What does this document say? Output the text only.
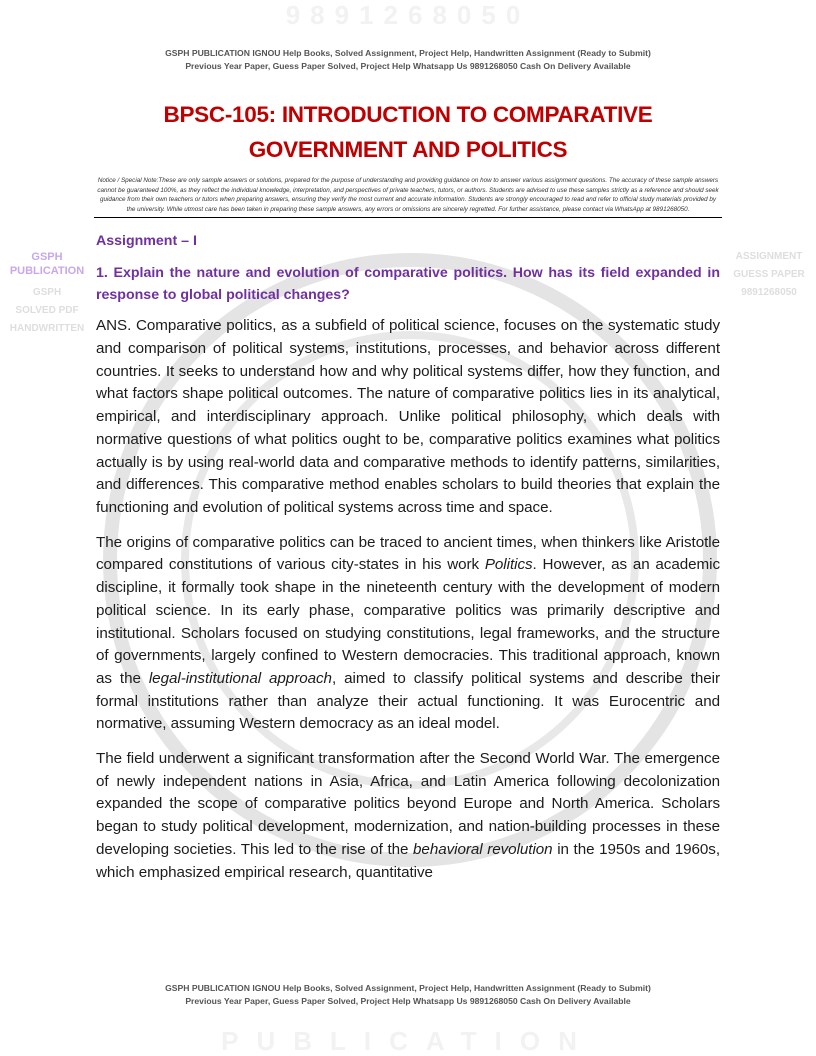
9891268050
GSPH PUBLICATION
GSPH
SOLVED PDF
HANDWRITTEN
ASSIGNMENT
GUESS PAPER
9891268050
GSPH PUBLICATION IGNOU Help Books, Solved Assignment, Project Help, Handwritten Assignment (Ready to Submit)
Previous Year Paper, Guess Paper Solved, Project Help Whatsapp Us 9891268050 Cash On Delivery Available
BPSC-105: INTRODUCTION TO COMPARATIVE
GOVERNMENT AND POLITICS
Notice / Special Note:These are only sample answers or solutions, prepared for the purpose of understanding and providing guidance on how to answer various assignment questions. The accuracy of these sample answers cannot be guaranteed 100%, as they reflect the individual knowledge, interpretation, and perspectives of private teachers, tutors, or authors. Students are advised to use these samples strictly as a reference and should seek guidance from their own teachers or tutors when preparing answers, ensuring they verify the most current and accurate information. Students are strongly encouraged to read and refer to official study materials provided by the university. While utmost care has been taken in preparing these sample answers, any errors or omissions are sincerely regretted. For further assistance, please contact via WhatsApp at 9891268050.
Assignment – I
1. Explain the nature and evolution of comparative politics. How has its field expanded in response to global political changes?
ANS. Comparative politics, as a subfield of political science, focuses on the systematic study and comparison of political systems, institutions, processes, and behavior across different countries. It seeks to understand how and why political systems differ, how they function, and what factors shape political outcomes. The nature of comparative politics lies in its analytical, empirical, and interdisciplinary approach. Unlike political philosophy, which deals with normative questions of what politics ought to be, comparative politics examines what politics actually is by using real-world data and comparative methods to identify patterns, similarities, and differences. This comparative method enables scholars to build theories that explain the functioning and evolution of political systems across time and space.
The origins of comparative politics can be traced to ancient times, when thinkers like Aristotle compared constitutions of various city-states in his work Politics. However, as an academic discipline, it formally took shape in the nineteenth century with the development of modern political science. In its early phase, comparative politics was primarily descriptive and institutional. Scholars focused on studying constitutions, legal frameworks, and the structure of governments, largely confined to Western democracies. This traditional approach, known as the legal-institutional approach, aimed to classify political systems and describe their formal institutions rather than analyze their actual functioning. It was Eurocentric and normative, assuming Western democracy as an ideal model.
The field underwent a significant transformation after the Second World War. The emergence of newly independent nations in Asia, Africa, and Latin America following decolonization expanded the scope of comparative politics beyond Europe and North America. Scholars began to study political development, modernization, and nation-building processes in these developing societies. This led to the rise of the behavioral revolution in the 1950s and 1960s, which emphasized empirical research, quantitative
GSPH PUBLICATION IGNOU Help Books, Solved Assignment, Project Help, Handwritten Assignment (Ready to Submit)
Previous Year Paper, Guess Paper Solved, Project Help Whatsapp Us 9891268050 Cash On Delivery Available
PUBLICATION
